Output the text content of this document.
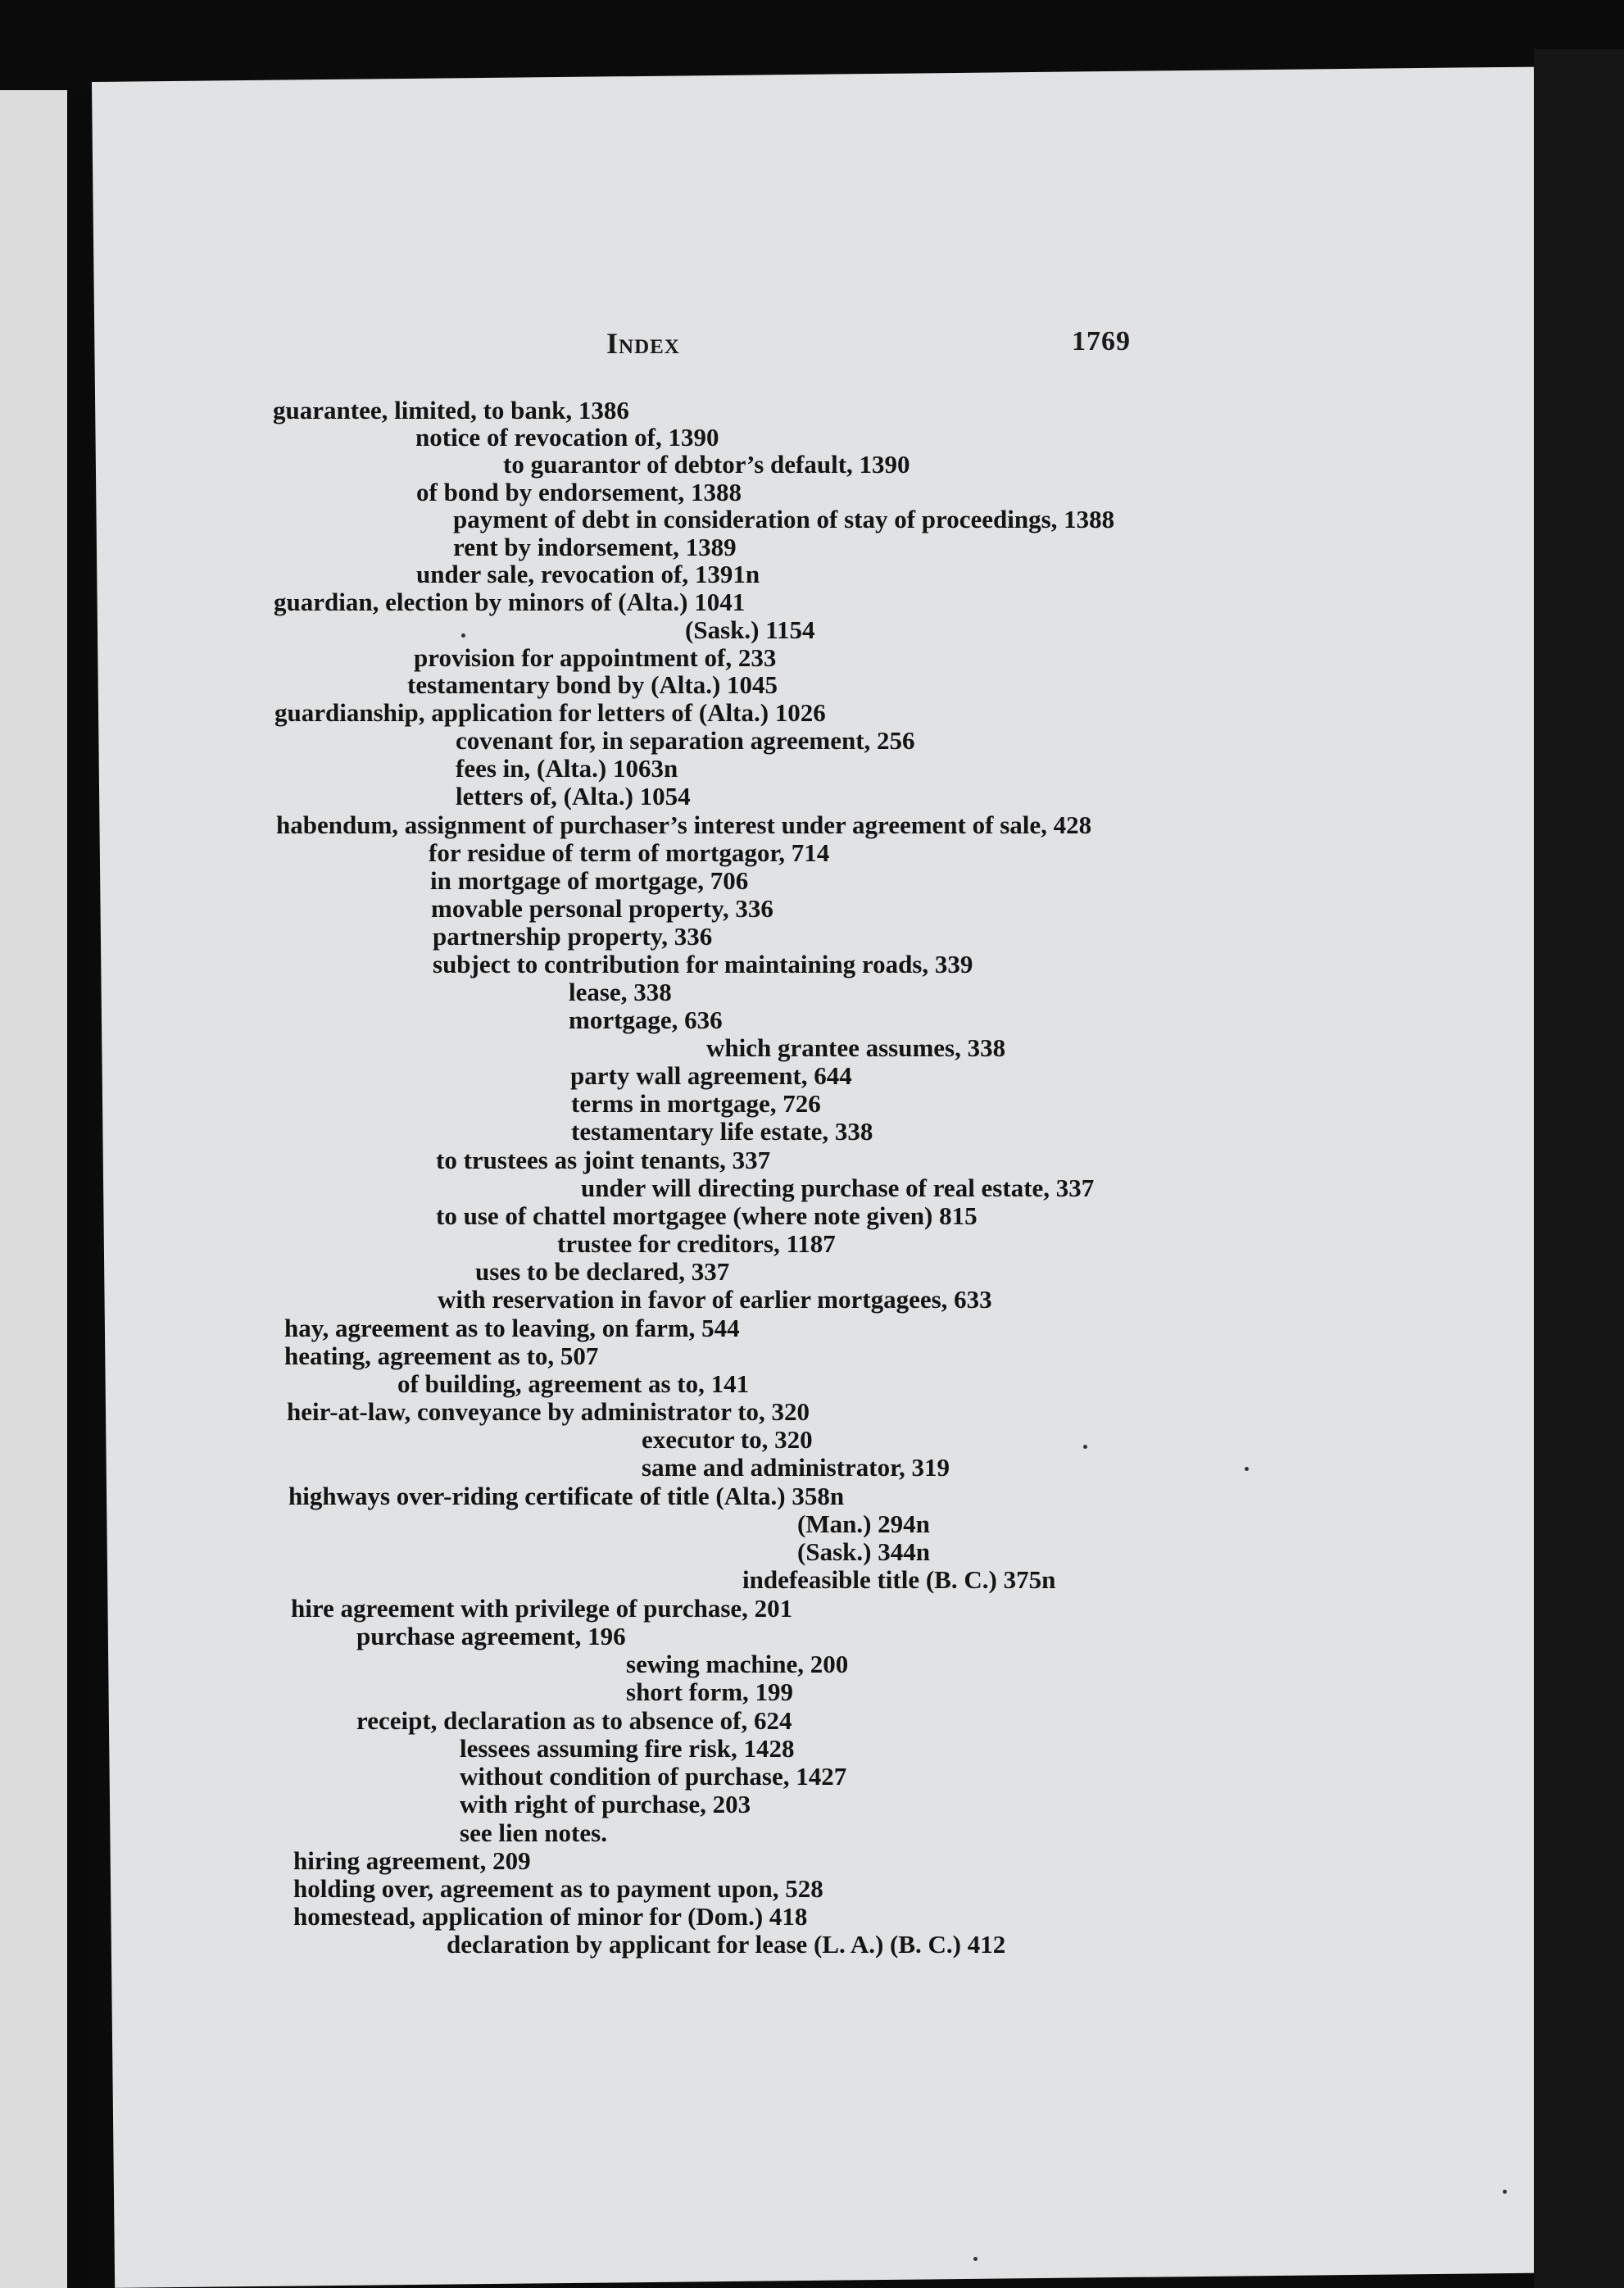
Index	1769
guarantee, limited, to bank, 1386
notice of revocation of, 1390
to guarantor of debtor’s default, 1390
of bond by endorsement, 1388
payment of debt in consideration of stay of proceedings, 1388
rent by indorsement, 1389
under sale, revocation of, 1391n
guardian, election by minors of (Alta.) 1041
(Sask.) 1154
provision for appointment of, 233
testamentary bond by (Alta.) 1045
guardianship, application for letters of (Alta.) 1026
covenant for, in separation agreement, 256
fees in, (Alta.) 1063n
letters of, (Alta.) 1054
habendum, assignment of purchaser’s interest under agreement of sale, 428
for residue of term of mortgagor, 714
in mortgage of mortgage, 706
movable personal property, 336
partnership property, 336
subject to contribution for maintaining roads, 339
lease, 338
mortgage, 636
which grantee assumes, 338
party wall agreement, 644
terms in mortgage, 726
testamentary life estate, 338
to trustees as joint tenants, 337
under will directing purchase of real estate, 337
to use of chattel mortgagee (where note given) 815
trustee for creditors, 1187
uses to be declared, 337
with reservation in favor of earlier mortgagees, 633
hay, agreement as to leaving, on farm, 544
heating, agreement as to, 507
of building, agreement as to, 141
heir-at-law, conveyance by administrator to, 320
executor to, 320
same and administrator, 319
highways over-riding certificate of title (Alta.) 358n
(Man.) 294n
(Sask.) 344n
indefeasible title (B. C.) 375n
hire agreement with privilege of purchase, 201
purchase agreement, 196
sewing machine, 200
short form, 199
receipt, declaration as to absence of, 624
lessees assuming fire risk, 1428
without condition of purchase, 1427
with right of purchase, 203
see lien notes.
hiring agreement, 209
holding over, agreement as to payment upon, 528
homestead, application of minor for (Dom.) 418
declaration by applicant for lease (L. A.) (B. C.) 412
